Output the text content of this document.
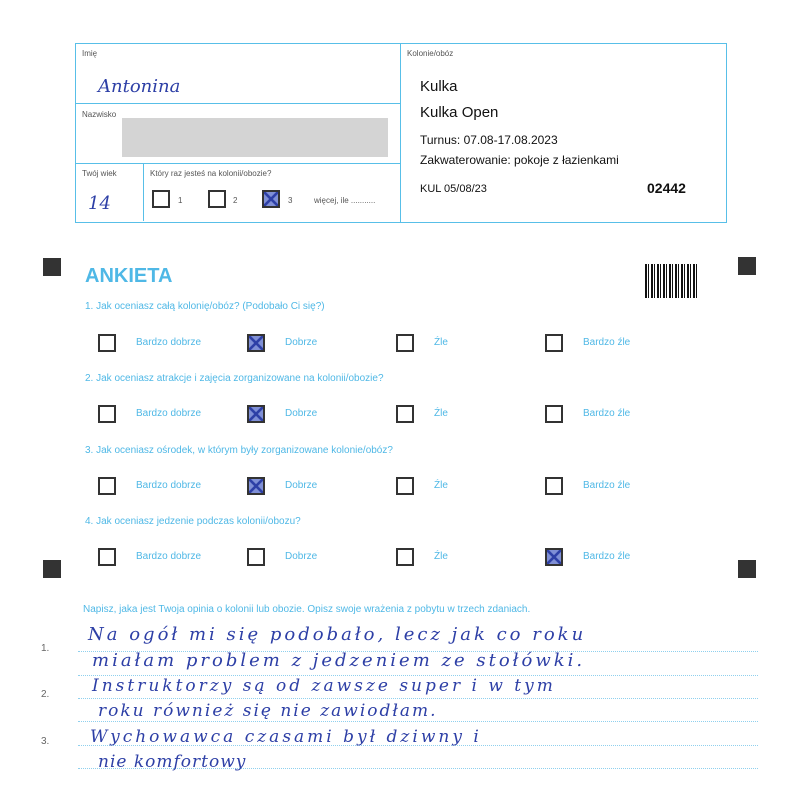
Imię
Antonina
Nazwisko
Twój wiek
14
Który raz jesteś na kolonii/obozie?
1	2	3	więcej, ile ...........
Kolonie/obóz
Kulka
Kulka Open
Turnus: 07.08-17.08.2023
Zakwaterowanie: pokoje z łazienkami
KUL 05/08/23	02442
ANKIETA
1. Jak oceniasz całą kolonię/obóz? (Podobało Ci się?)
2. Jak oceniasz atrakcje i zajęcia zorganizowane na kolonii/obozie?
3. Jak oceniasz ośrodek, w którym były zorganizowane kolonie/obóz?
4. Jak oceniasz jedzenie podczas kolonii/obozu?
Bardzo dobrze	Dobrze	Źle	Bardzo źle
Bardzo dobrze	Dobrze	Źle	Bardzo źle
Bardzo dobrze	Dobrze	Źle	Bardzo źle
Bardzo dobrze	Dobrze	Źle	Bardzo źle
Napisz, jaka jest Twoja opinia o kolonii lub obozie. Opisz swoje wrażenia z pobytu w trzech zdaniach.
1.
2.
3.
Na ogół mi się podobało, lecz jak co roku
miałam problem z jedzeniem ze stołówki.
Instruktorzy są od zawsze super i w tym
roku również się nie zawiodłam.
Wychowawca czasami był dziwny i
nie komfortowy
